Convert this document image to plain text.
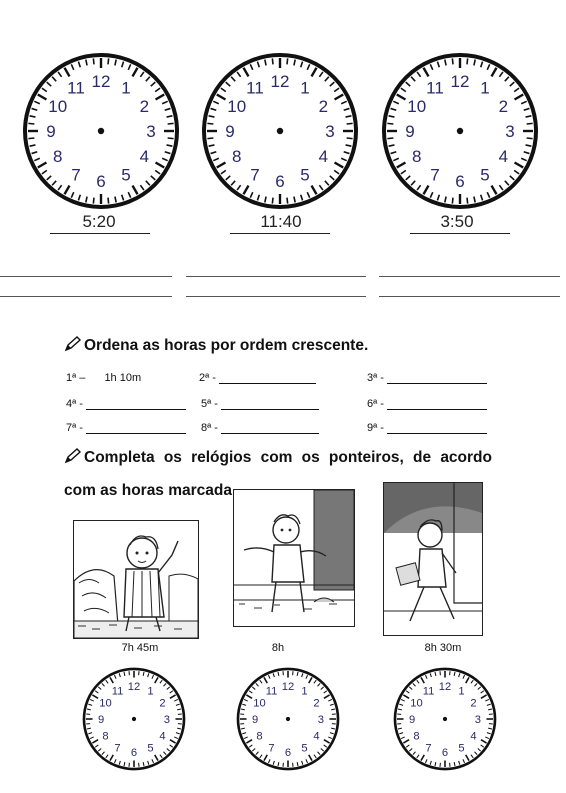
12 1
2
3
4
5
6
7
8
9
10
11	12 1
2
3
4
5
6
7
8
9
10
11	12 1
2
3
4
5
6
7
8
9
10
11
5:20	11:40	3:50
Ordena as horas por ordem crescente.
1ª – 1h 10m	2ª -	3ª -
4ª -	5ª -	6ª -
7ª -	8ª -	9ª -
Completa os relógios com os ponteiros, de acordo
com as horas marcada
7h 45m	8h	8h 30m
12 1
2
3
4
5
6
7
8
9
10
11	12 1
2
3
4
5
6
7
8
9
10
11	12 1
2
3
4
5
6
7
8
9
10
11
